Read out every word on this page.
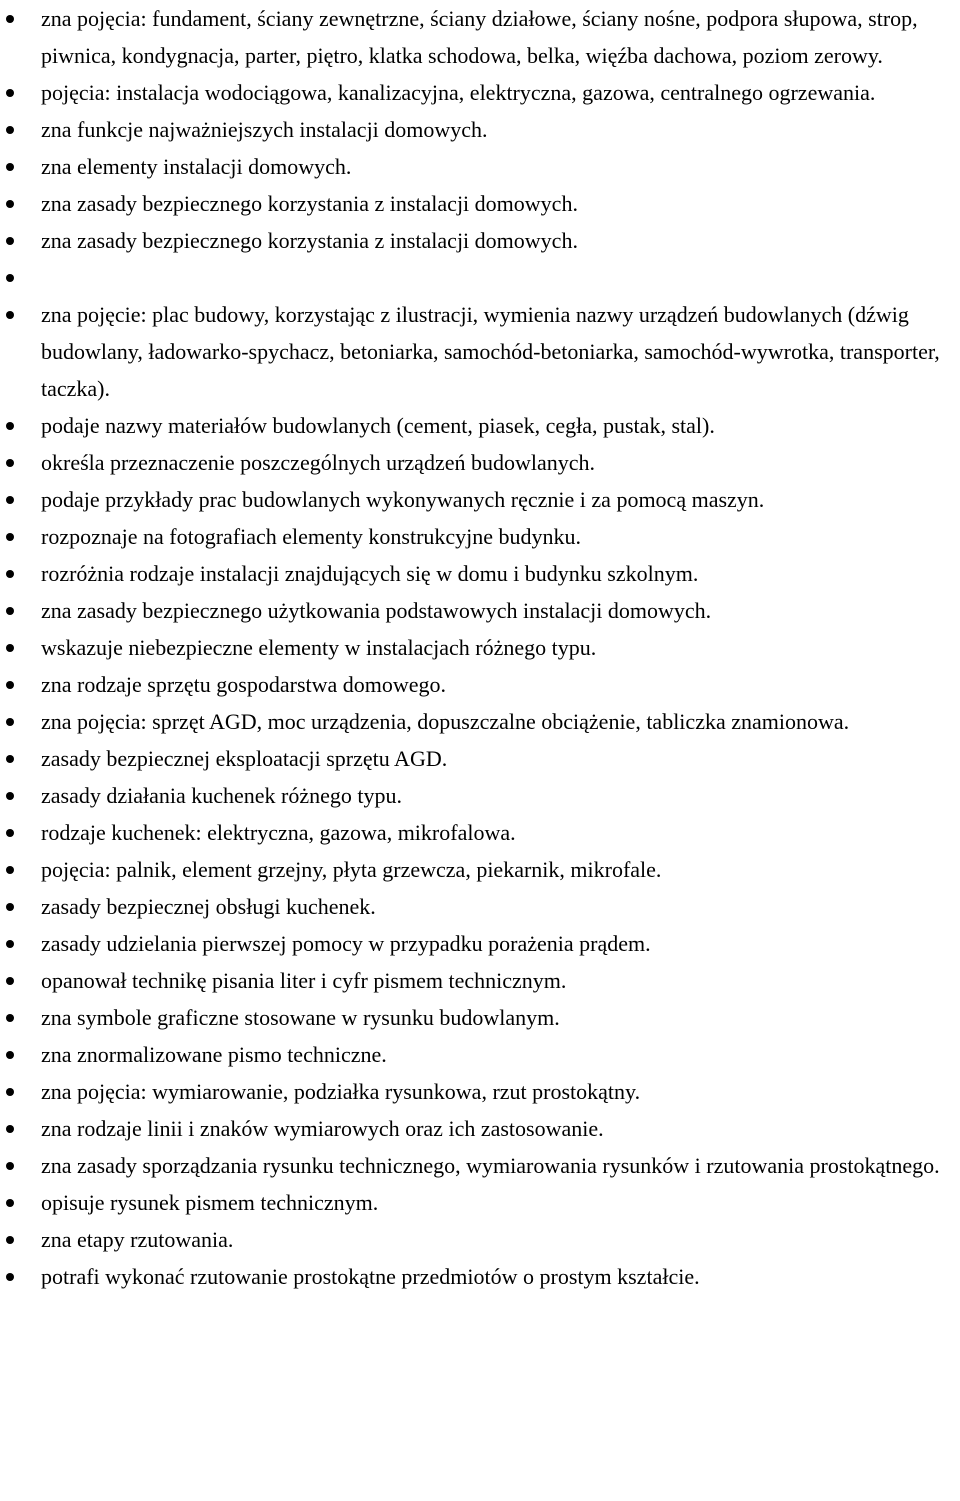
zna pojęcia: fundament, ściany zewnętrzne, ściany działowe, ściany nośne, podpora słupowa, strop, piwnica, kondygnacja, parter, piętro, klatka schodowa, belka, więźba dachowa, poziom zerowy.
pojęcia: instalacja wodociągowa, kanalizacyjna, elektryczna, gazowa, centralnego ogrzewania.
zna funkcje najważniejszych instalacji domowych.
zna elementy instalacji domowych.
zna zasady bezpiecznego korzystania z instalacji domowych.
zna zasady bezpiecznego korzystania z instalacji domowych.
zna pojęcie: plac budowy, korzystając z ilustracji, wymienia nazwy urządzeń budowlanych (dźwig budowlany, ładowarko-spychacz, betoniarka, samochód-betoniarka, samochód-wywrotka, transporter, taczka).
podaje nazwy materiałów budowlanych (cement, piasek, cegła, pustak, stal).
określa przeznaczenie poszczególnych urządzeń budowlanych.
podaje przykłady prac budowlanych wykonywanych ręcznie i za pomocą maszyn.
rozpoznaje na fotografiach elementy konstrukcyjne budynku.
rozróżnia rodzaje instalacji znajdujących się w domu i budynku szkolnym.
zna zasady bezpiecznego użytkowania podstawowych instalacji domowych.
wskazuje niebezpieczne elementy w instalacjach różnego typu.
zna rodzaje sprzętu gospodarstwa domowego.
zna pojęcia: sprzęt AGD, moc urządzenia, dopuszczalne obciążenie, tabliczka znamionowa.
zasady bezpiecznej eksploatacji sprzętu AGD.
zasady działania kuchenek różnego typu.
rodzaje kuchenek: elektryczna, gazowa, mikrofalowa.
pojęcia: palnik, element grzejny, płyta grzewcza, piekarnik, mikrofale.
zasady bezpiecznej obsługi kuchenek.
zasady udzielania pierwszej pomocy w przypadku porażenia prądem.
opanował technikę pisania liter i cyfr pismem technicznym.
zna symbole graficzne stosowane w rysunku budowlanym.
zna znormalizowane pismo techniczne.
zna pojęcia: wymiarowanie, podziałka rysunkowa, rzut prostokątny.
zna rodzaje linii i znaków wymiarowych oraz ich zastosowanie.
zna zasady sporządzania rysunku technicznego, wymiarowania rysunków i rzutowania prostokątnego.
opisuje rysunek pismem technicznym.
zna etapy rzutowania.
potrafi wykonać rzutowanie prostokątne przedmiotów o prostym kształcie.
